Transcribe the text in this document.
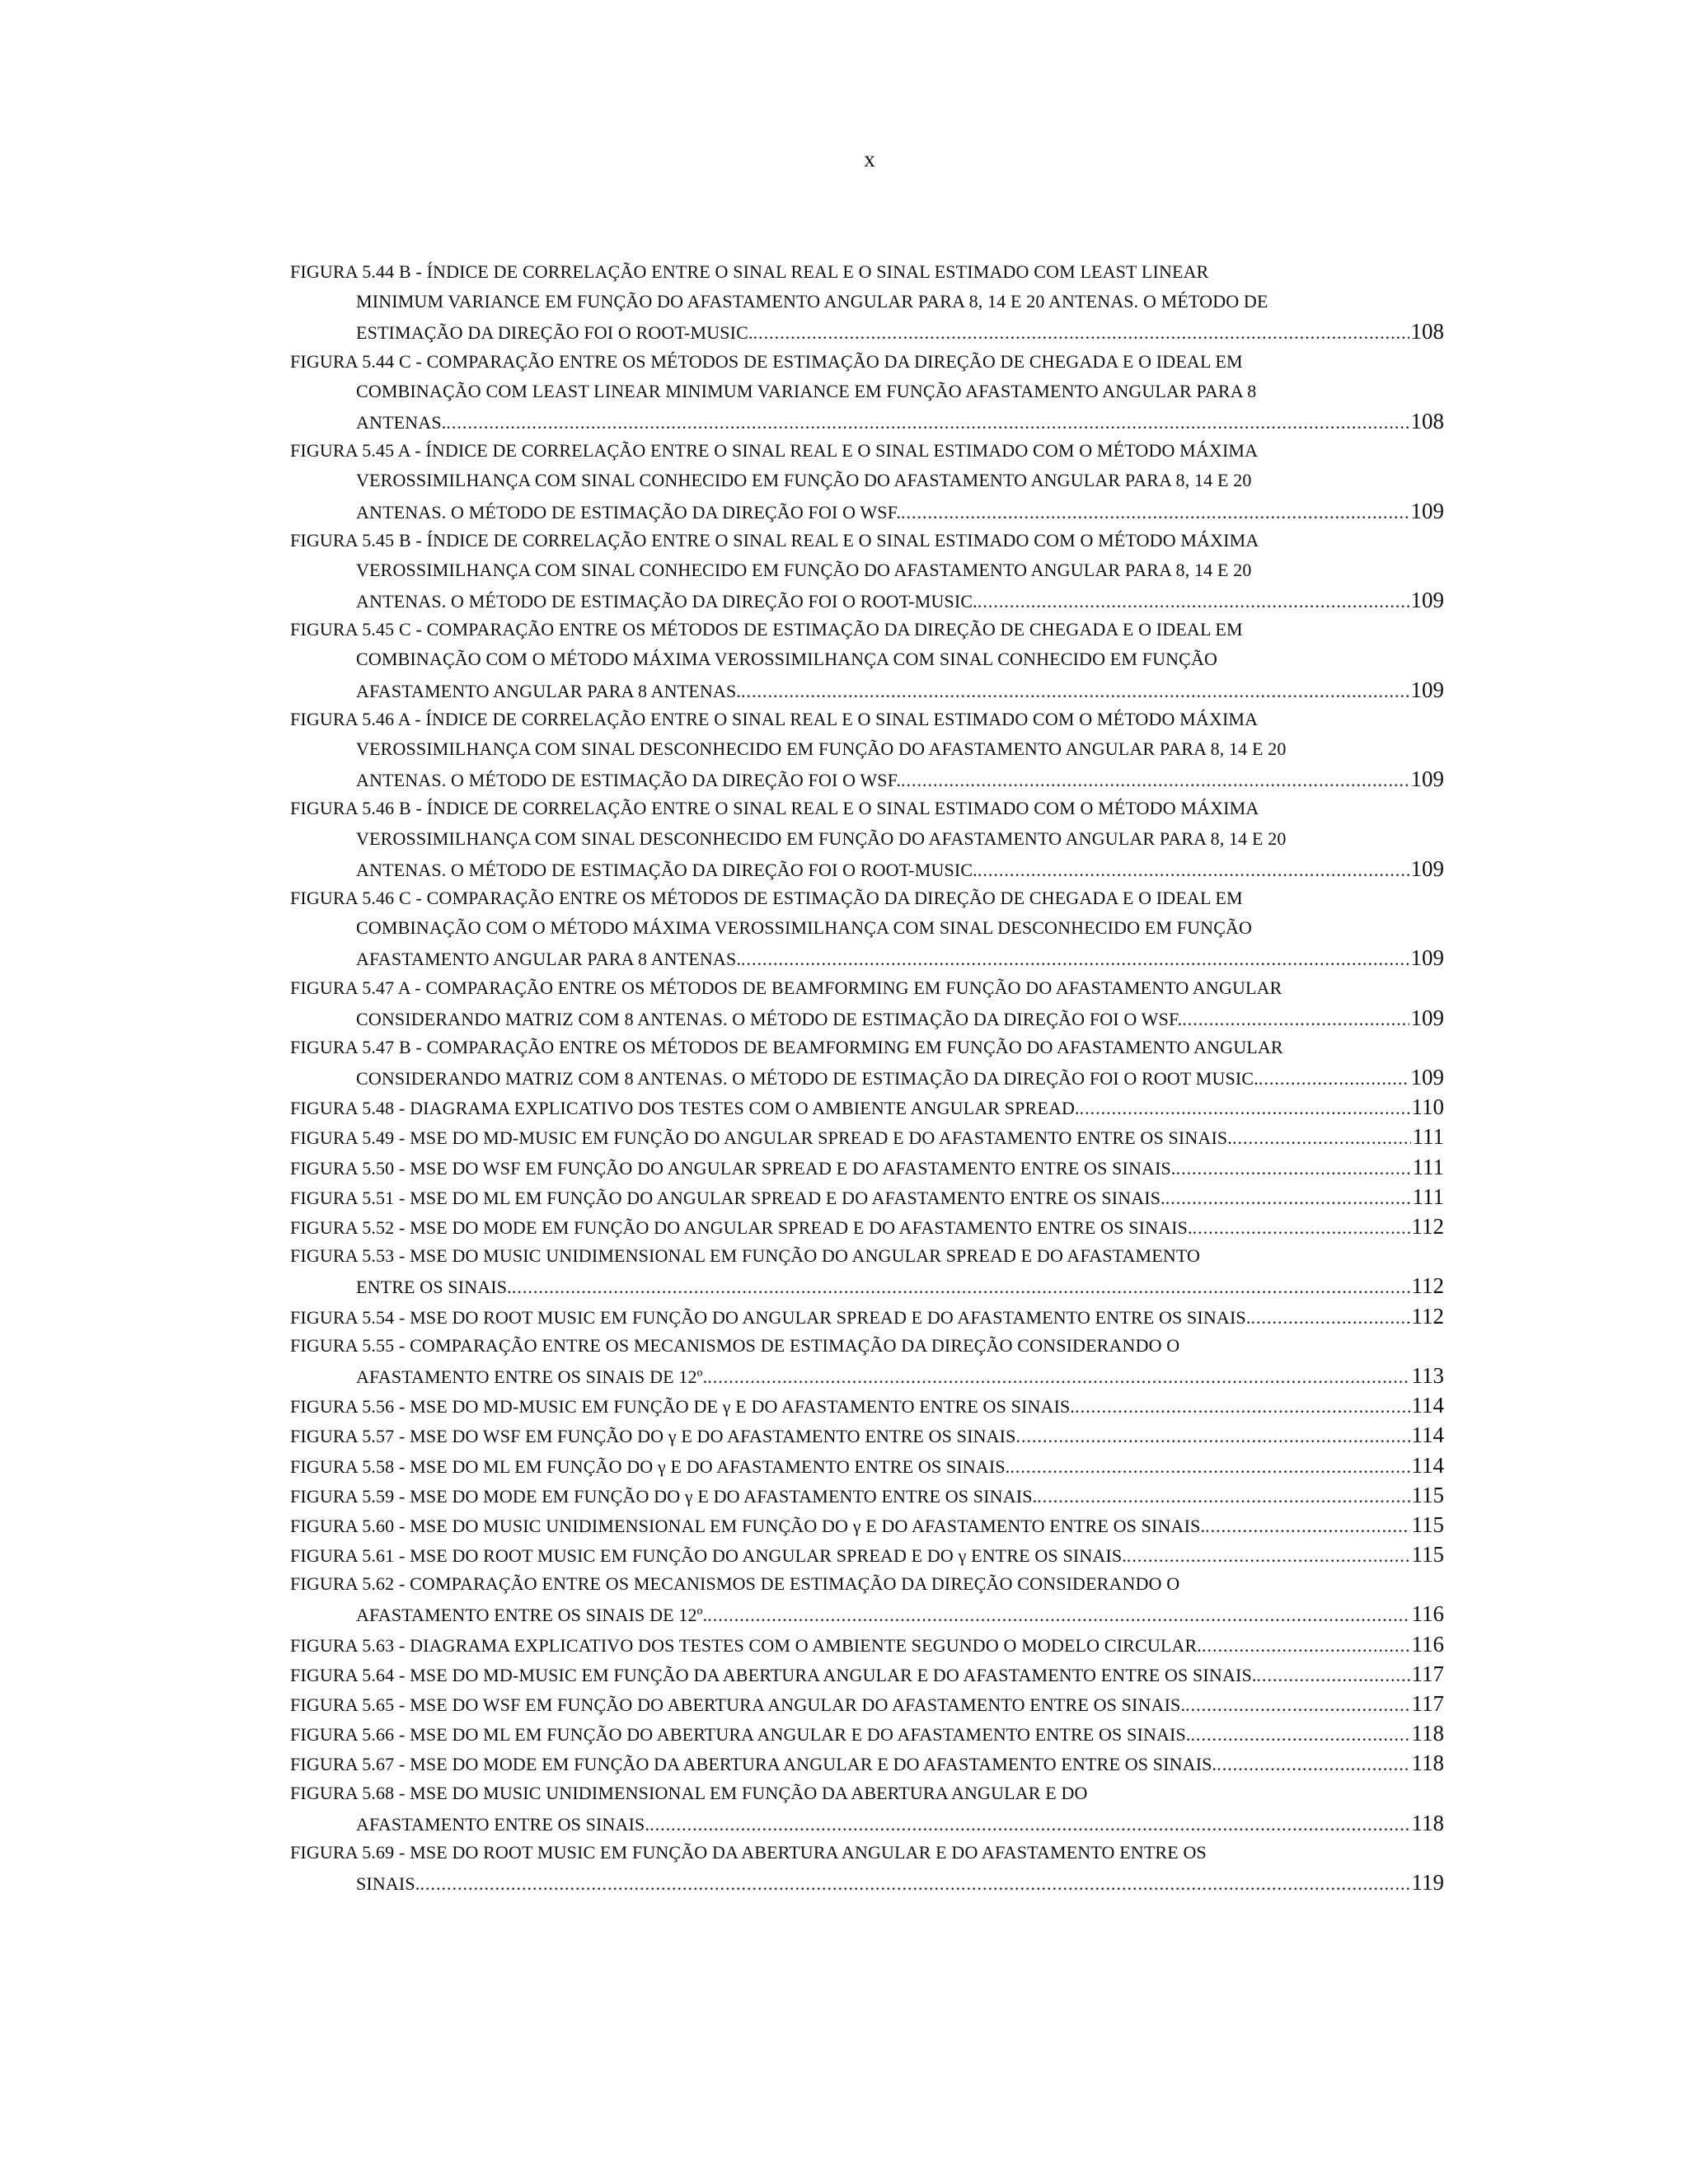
x
FIGURA 5.44 B - ÍNDICE DE CORRELAÇÃO ENTRE O SINAL REAL E O SINAL ESTIMADO COM LEAST LINEAR
MINIMUM VARIANCE EM FUNÇÃO DO AFASTAMENTO ANGULAR PARA 8, 14 E 20 ANTENAS. O MÉTODO DE
ESTIMAÇÃO DA DIREÇÃO FOI O ROOT-MUSIC. .....	108
FIGURA 5.44 C - COMPARAÇÃO ENTRE OS MÉTODOS DE ESTIMAÇÃO DA DIREÇÃO DE CHEGADA E O IDEAL EM
COMBINAÇÃO COM LEAST LINEAR MINIMUM VARIANCE EM FUNÇÃO AFASTAMENTO ANGULAR PARA 8
ANTENAS. .....	108
FIGURA 5.45 A - ÍNDICE DE CORRELAÇÃO ENTRE O SINAL REAL E O SINAL ESTIMADO COM O MÉTODO MÁXIMA
VEROSSIMILHANÇA COM SINAL CONHECIDO EM FUNÇÃO DO AFASTAMENTO ANGULAR PARA 8, 14 E 20
ANTENAS. O MÉTODO DE ESTIMAÇÃO DA DIREÇÃO FOI O WSF. .....	109
FIGURA 5.45 B - ÍNDICE DE CORRELAÇÃO ENTRE O SINAL REAL E O SINAL ESTIMADO COM O MÉTODO MÁXIMA
VEROSSIMILHANÇA COM SINAL CONHECIDO EM FUNÇÃO DO AFASTAMENTO ANGULAR PARA 8, 14 E 20
ANTENAS. O MÉTODO DE ESTIMAÇÃO DA DIREÇÃO FOI O ROOT-MUSIC. .....	109
FIGURA 5.45 C - COMPARAÇÃO ENTRE OS MÉTODOS DE ESTIMAÇÃO DA DIREÇÃO DE CHEGADA E O IDEAL EM
COMBINAÇÃO COM O MÉTODO MÁXIMA VEROSSIMILHANÇA COM SINAL CONHECIDO EM FUNÇÃO
AFASTAMENTO ANGULAR PARA 8 ANTENAS. .....	109
FIGURA 5.46 A - ÍNDICE DE CORRELAÇÃO ENTRE O SINAL REAL E O SINAL ESTIMADO COM O MÉTODO MÁXIMA
VEROSSIMILHANÇA COM SINAL DESCONHECIDO EM FUNÇÃO DO AFASTAMENTO ANGULAR PARA 8, 14 E 20
ANTENAS. O MÉTODO DE ESTIMAÇÃO DA DIREÇÃO FOI O WSF. .....	109
FIGURA 5.46 B - ÍNDICE DE CORRELAÇÃO ENTRE O SINAL REAL E O SINAL ESTIMADO COM O MÉTODO MÁXIMA
VEROSSIMILHANÇA COM SINAL DESCONHECIDO EM FUNÇÃO DO AFASTAMENTO ANGULAR PARA 8, 14 E 20
ANTENAS. O MÉTODO DE ESTIMAÇÃO DA DIREÇÃO FOI O ROOT-MUSIC. .....	109
FIGURA 5.46 C - COMPARAÇÃO ENTRE OS MÉTODOS DE ESTIMAÇÃO DA DIREÇÃO DE CHEGADA E O IDEAL EM
COMBINAÇÃO COM O MÉTODO MÁXIMA VEROSSIMILHANÇA COM SINAL DESCONHECIDO EM FUNÇÃO
AFASTAMENTO ANGULAR PARA 8 ANTENAS. .....	109
FIGURA 5.47 A - COMPARAÇÃO ENTRE OS MÉTODOS DE BEAMFORMING EM FUNÇÃO DO AFASTAMENTO ANGULAR
CONSIDERANDO MATRIZ COM 8 ANTENAS. O MÉTODO DE ESTIMAÇÃO DA DIREÇÃO FOI O WSF. .....	109
FIGURA 5.47 B - COMPARAÇÃO ENTRE OS MÉTODOS DE BEAMFORMING EM FUNÇÃO DO AFASTAMENTO ANGULAR
CONSIDERANDO MATRIZ COM 8 ANTENAS. O MÉTODO DE ESTIMAÇÃO DA DIREÇÃO FOI O ROOT MUSIC. .....	109
FIGURA 5.48 - DIAGRAMA EXPLICATIVO DOS TESTES COM O AMBIENTE ANGULAR SPREAD. .....	110
FIGURA 5.49 - MSE DO MD-MUSIC EM FUNÇÃO DO ANGULAR SPREAD E DO AFASTAMENTO ENTRE OS SINAIS. .....	111
FIGURA 5.50 - MSE DO WSF EM FUNÇÃO DO ANGULAR SPREAD E DO AFASTAMENTO ENTRE OS SINAIS. .....	111
FIGURA 5.51 - MSE DO ML EM FUNÇÃO DO ANGULAR SPREAD E DO AFASTAMENTO ENTRE OS SINAIS. .....	111
FIGURA 5.52 - MSE DO MODE EM FUNÇÃO DO ANGULAR SPREAD E DO AFASTAMENTO ENTRE OS SINAIS. .....	112
FIGURA 5.53 - MSE DO MUSIC UNIDIMENSIONAL EM FUNÇÃO DO ANGULAR SPREAD E DO AFASTAMENTO
ENTRE OS SINAIS. .....	112
FIGURA 5.54 - MSE DO ROOT MUSIC EM FUNÇÃO DO ANGULAR SPREAD E DO AFASTAMENTO ENTRE OS SINAIS. .....	112
FIGURA 5.55 - COMPARAÇÃO ENTRE OS MECANISMOS DE ESTIMAÇÃO DA DIREÇÃO CONSIDERANDO O
AFASTAMENTO ENTRE OS SINAIS DE 12º. .....	113
FIGURA 5.56 - MSE DO MD-MUSIC EM FUNÇÃO DE γ E DO AFASTAMENTO ENTRE OS SINAIS. .....	114
FIGURA 5.57 - MSE DO WSF EM FUNÇÃO DO γ E DO AFASTAMENTO ENTRE OS SINAIS .....	114
FIGURA 5.58 - MSE DO ML EM FUNÇÃO DO γ E DO AFASTAMENTO ENTRE OS SINAIS. .....	114
FIGURA 5.59 - MSE DO MODE EM FUNÇÃO DO γ E DO AFASTAMENTO ENTRE OS SINAIS. .....	115
FIGURA 5.60 - MSE DO MUSIC UNIDIMENSIONAL EM FUNÇÃO DO γ E DO AFASTAMENTO ENTRE OS SINAIS. .....	115
FIGURA 5.61 - MSE DO ROOT MUSIC EM FUNÇÃO DO ANGULAR SPREAD E DO γ ENTRE OS SINAIS. .....	115
FIGURA 5.62 - COMPARAÇÃO ENTRE OS MECANISMOS DE ESTIMAÇÃO DA DIREÇÃO CONSIDERANDO O
AFASTAMENTO ENTRE OS SINAIS DE 12º. .....	116
FIGURA 5.63 - DIAGRAMA EXPLICATIVO DOS TESTES COM O AMBIENTE SEGUNDO O MODELO CIRCULAR. .....	116
FIGURA 5.64 - MSE DO MD-MUSIC EM FUNÇÃO DA ABERTURA ANGULAR E DO AFASTAMENTO ENTRE OS SINAIS. .....	117
FIGURA 5.65 - MSE DO WSF EM FUNÇÃO DO ABERTURA ANGULAR DO AFASTAMENTO ENTRE OS SINAIS. .....	117
FIGURA 5.66 - MSE DO ML EM FUNÇÃO DO ABERTURA ANGULAR E DO AFASTAMENTO ENTRE OS SINAIS. .....	118
FIGURA 5.67 - MSE DO MODE EM FUNÇÃO DA ABERTURA ANGULAR E DO AFASTAMENTO ENTRE OS SINAIS. .....	118
FIGURA 5.68 - MSE DO MUSIC UNIDIMENSIONAL EM FUNÇÃO DA ABERTURA ANGULAR E DO
AFASTAMENTO ENTRE OS SINAIS. .....	118
FIGURA 5.69 - MSE DO ROOT MUSIC EM FUNÇÃO DA ABERTURA ANGULAR E DO AFASTAMENTO ENTRE OS
SINAIS. .....	119
